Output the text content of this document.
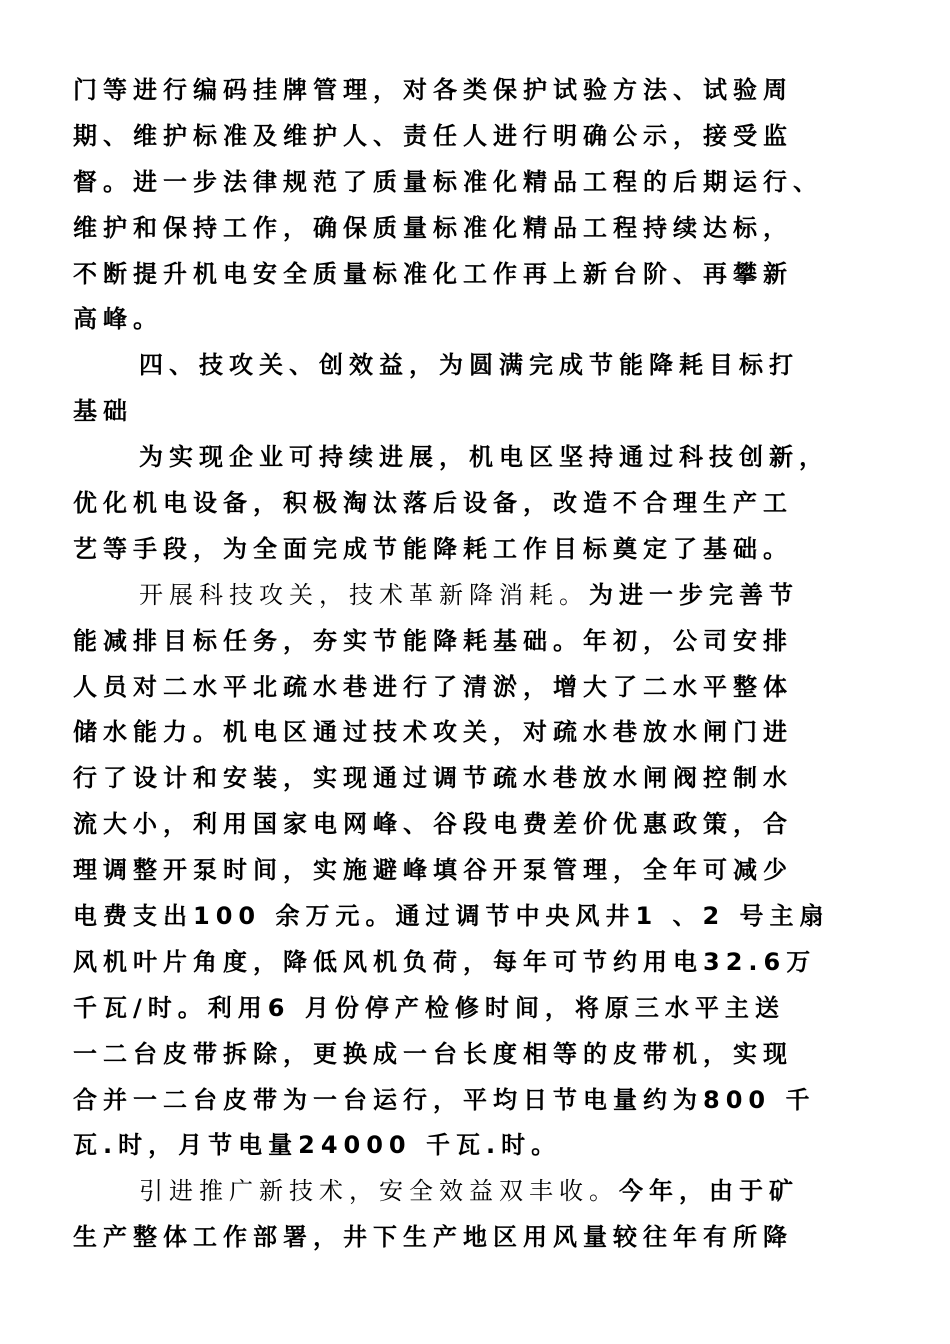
门等进行编码挂牌管理，对各类保护试验方法、试验周
期、维护标准及维护人、责任人进行明确公示，接受监
督。进一步法律规范了质量标准化精品工程的后期运行、
维护和保持工作，确保质量标准化精品工程持续达标，
不断提升机电安全质量标准化工作再上新台阶、再攀新
高峰。
四、技攻关、创效益，为圆满完成节能降耗目标打
基础
为实现企业可持续进展，机电区坚持通过科技创新，
优化机电设备，积极淘汰落后设备，改造不合理生产工
艺等手段，为全面完成节能降耗工作目标奠定了基础。
开展科技攻关，技术革新降消耗。为进一步完善节
能减排目标任务，夯实节能降耗基础。年初，公司安排
人员对二水平北疏水巷进行了清淤，增大了二水平整体
储水能力。机电区通过技术攻关，对疏水巷放水闸门进
行了设计和安装，实现通过调节疏水巷放水闸阀控制水
流大小，利用国家电网峰、谷段电费差价优惠政策，合
理调整开泵时间，实施避峰填谷开泵管理，全年可减少
电费支出100 余万元。通过调节中央风井1 、2 号主扇
风机叶片角度，降低风机负荷，每年可节约用电32.6万
千瓦/时。利用6 月份停产检修时间，将原三水平主送
一二台皮带拆除，更换成一台长度相等的皮带机，实现
合并一二台皮带为一台运行，平均日节电量约为800 千
瓦.时，月节电量24000 千瓦.时。
引进推广新技术，安全效益双丰收。今年，由于矿
生产整体工作部署，井下生产地区用风量较往年有所降
